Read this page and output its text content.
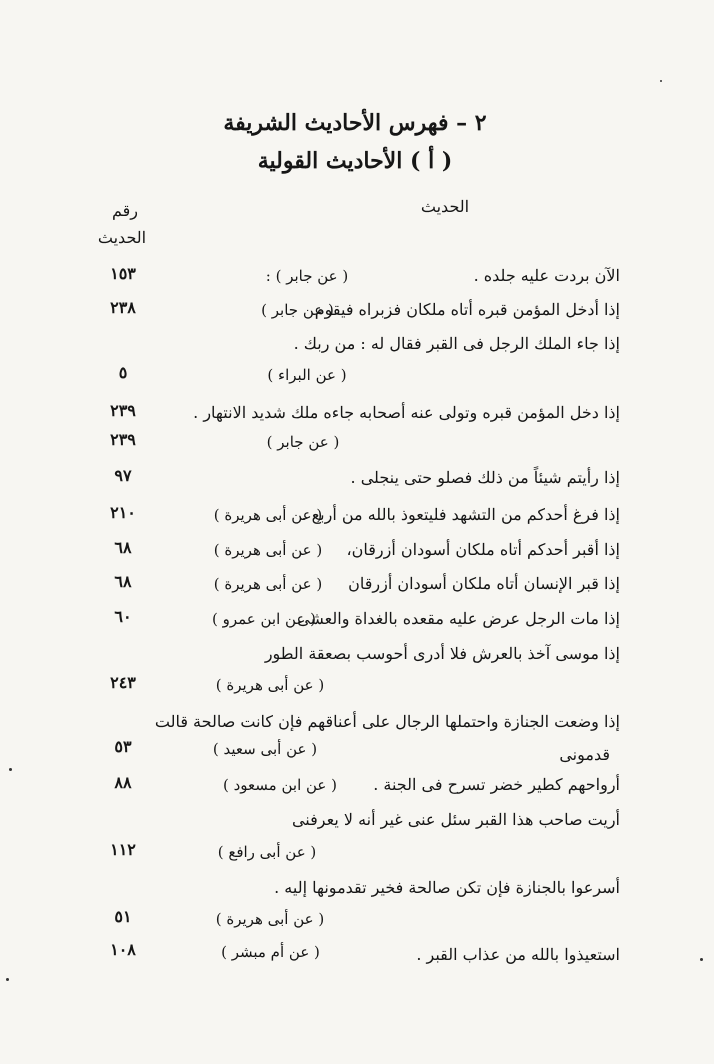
٢ – فهرس الأحاديث الشريفة
( أ ) الأحاديث القولية
الحديث
رقم
الحديث
الآن بردت عليه جلده .
( عن جابر ) :
١٥٣
إذا أدخل المؤمن قبره أتاه ملكان فزبراه فيقوم
( عن جابر )
٢٣٨
إذا جاء الملك الرجل فى القبر فقال له : من ربك .
( عن البراء )
٥
إذا دخل المؤمن قبره وتولى عنه أصحابه جاءه ملك شديد الانتهار .
٢٣٩
( عن جابر )
٢٣٩
إذا رأيتم شيئاً من ذلك فصلو حتى ينجلى .
٩٧
إذا فرغ أحدكم من التشهد فليتعوذ بالله من أربع .
( عن أبى هريرة )
٢١٠
إذا أقبر أحدكم أتاه ملكان أسودان أزرقان،
( عن أبى هريرة )
٦٨
إذا قبر الإنسان أتاه ملكان أسودان أزرقان
( عن أبى هريرة )
٦٨
إذا مات الرجل عرض عليه مقعده بالغداة والعشى
( عن ابن عمرو )
٦٠
إذا موسى آخذ بالعرش فلا أدرى أحوسب بصعقة الطور
( عن أبى هريرة )
٢٤٣
إذا وضعت الجنازة واحتملها الرجال على أعناقهم فإن كانت صالحة قالت
قدمونى
( عن أبى سعيد )
٥٣
أرواحهم كطير خضر تسرح فى الجنة .
( عن ابن مسعود )
٨٨
أريت صاحب هذا القبر سئل عنى غير أنه لا يعرفنى
( عن أبى رافع )
١١٢
أسرعوا بالجنازة فإن تكن صالحة فخير تقدمونها إليه .
( عن أبى هريرة )
٥١
استعيذوا بالله من عذاب القبر .
( عن أم مبشر )
١٠٨
